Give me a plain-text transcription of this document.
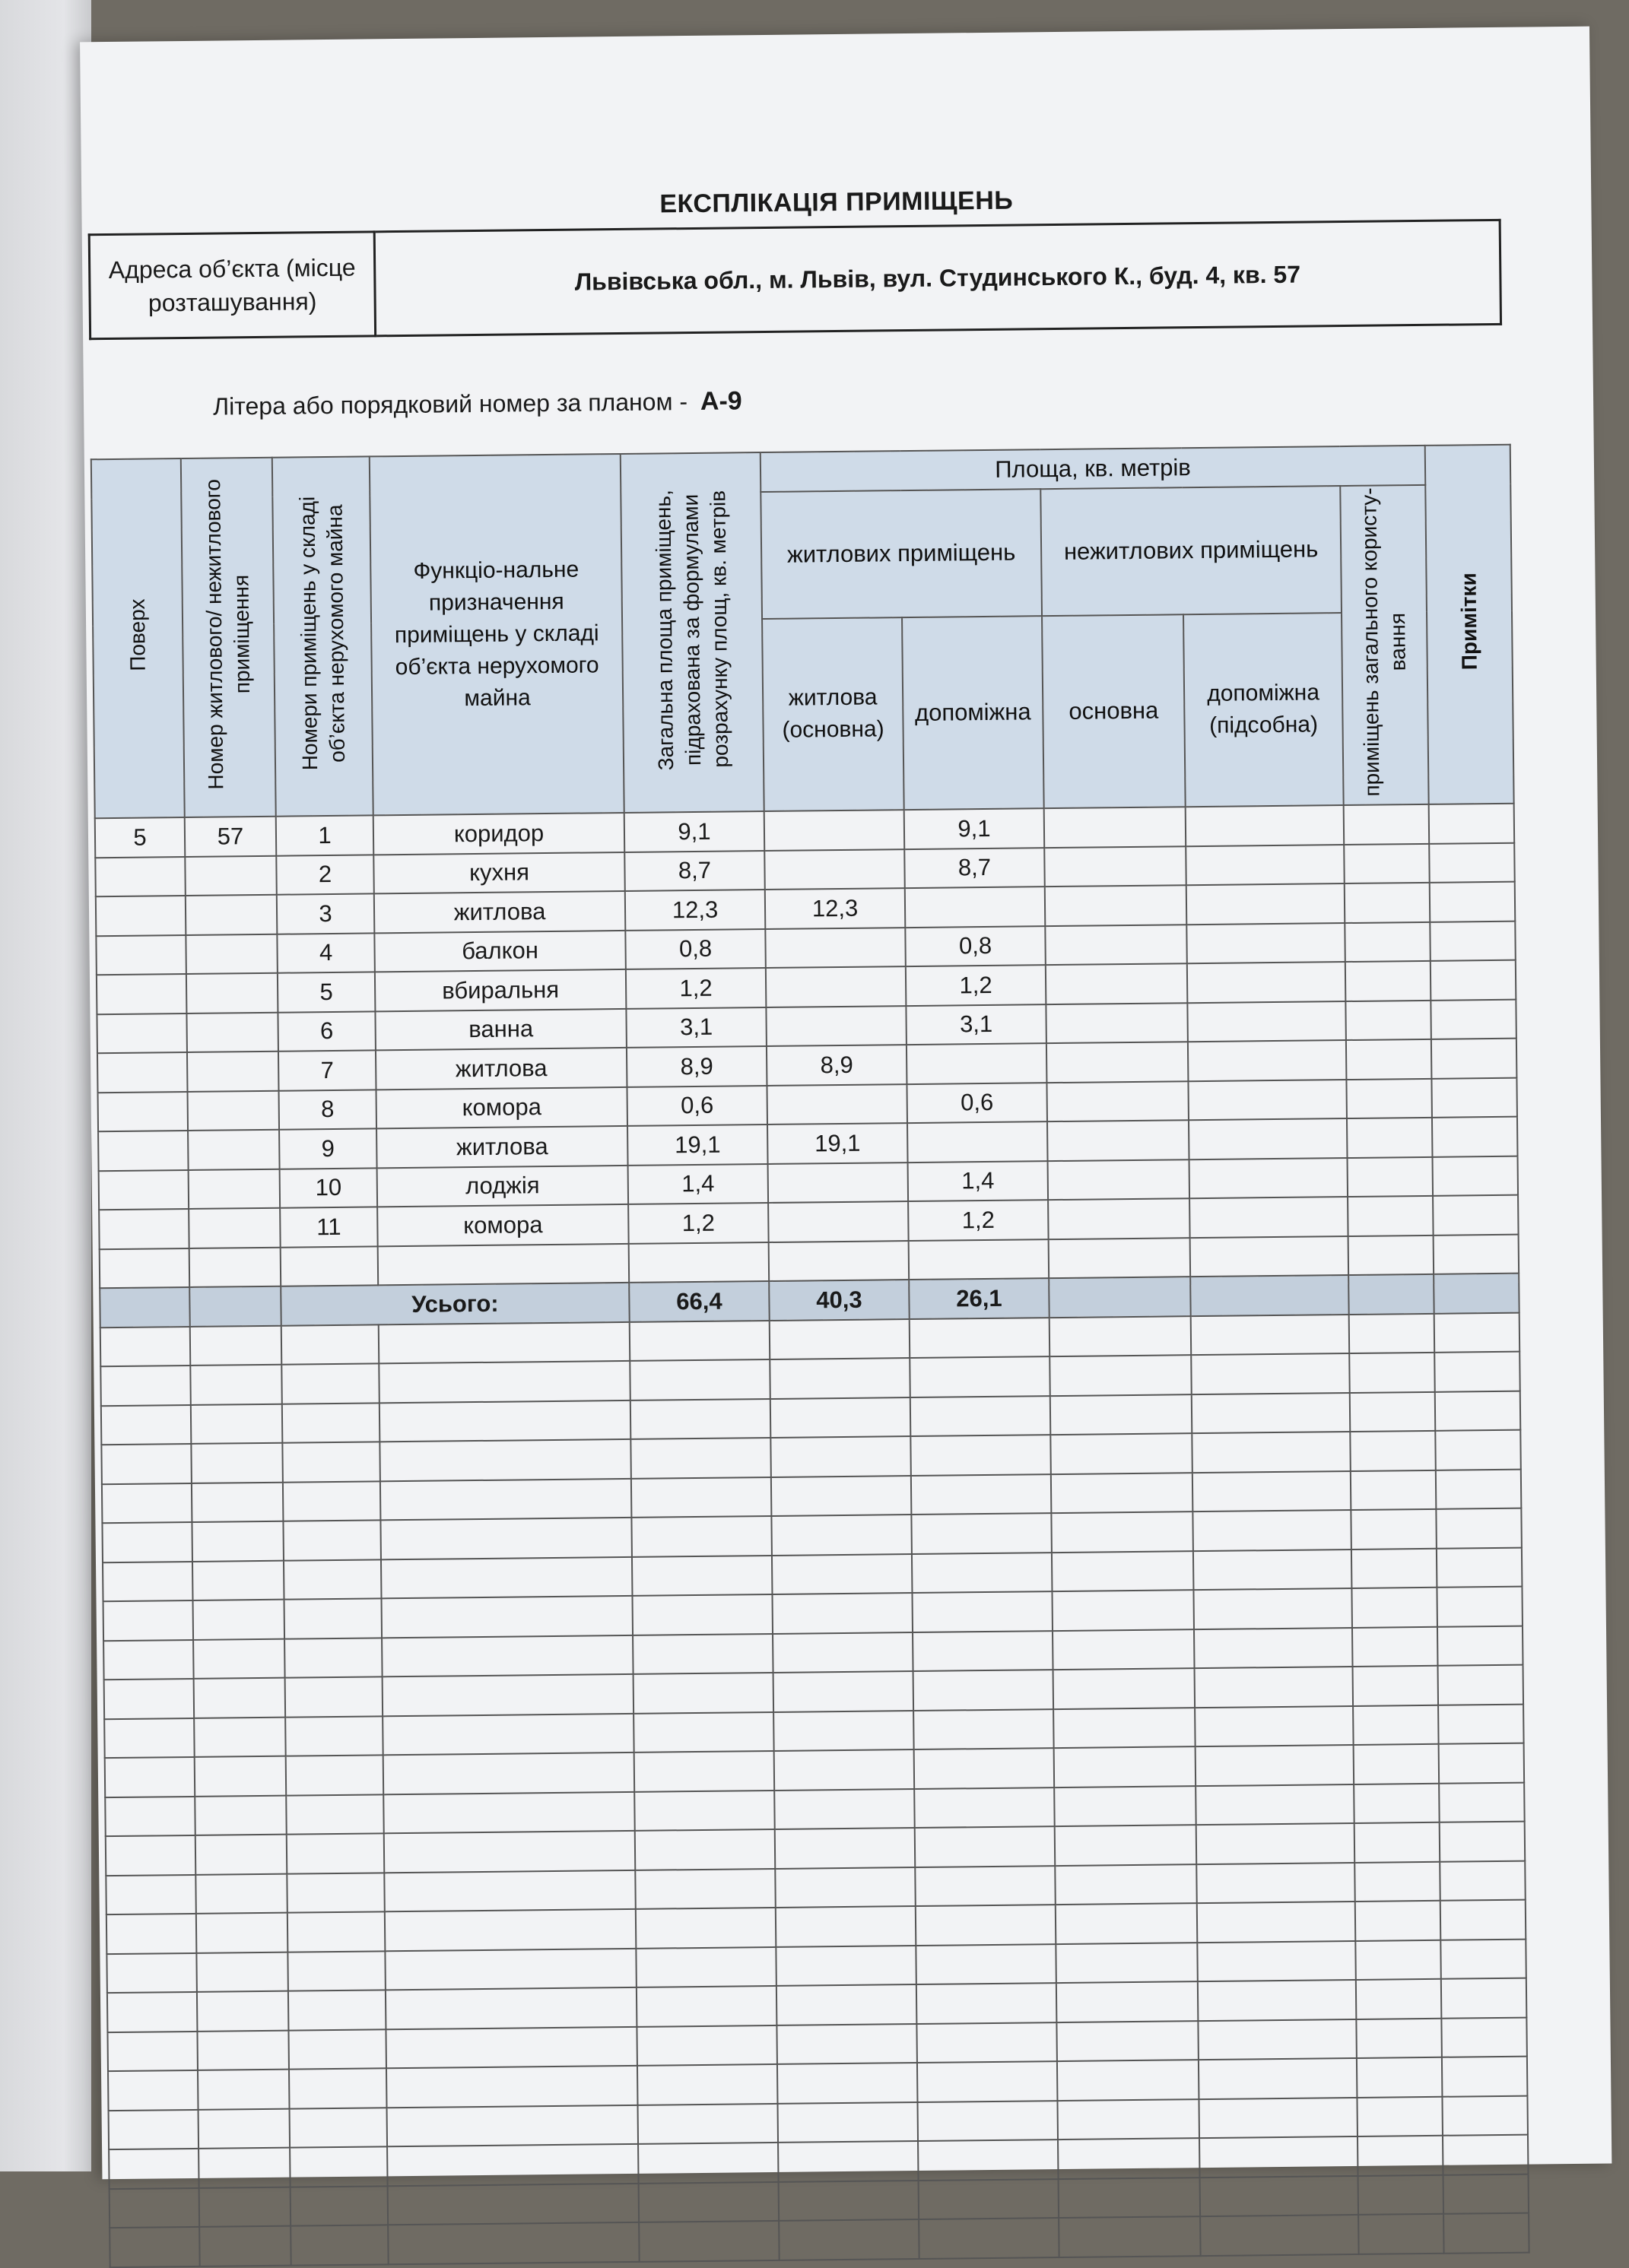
ЕКСПЛІКАЦІЯ ПРИМІЩЕНЬ
Адреса об’єкта (місце розташування)	Львівська обл., м. Львів, вул. Студинського К., буд. 4, кв. 57
Літера або порядковий номер за планом - А-9
Поверх	Номер житлового/ нежитлового приміщення	Номери приміщень у складі об’єкта нерухомого майна	Функціо-нальне призначення приміщень у складі об’єкта нерухомого майна	Загальна площа приміщень, підрахована за формулами розрахунку площ, кв. метрів	Площа, кв. метрів					Примітки
					житлових приміщень		нежитлових приміщень		приміщень загального користу-вання	
					житлова (основна)	допоміжна	основна	допоміжна (підсобна)		
5	57	1	коридор	9,1		9,1				
		2	кухня	8,7		8,7				
		3	житлова	12,3	12,3					
		4	балкон	0,8		0,8				
		5	вбиральня	1,2		1,2				
		6	ванна	3,1		3,1				
		7	житлова	8,9	8,9					
		8	комора	0,6		0,6				
		9	житлова	19,1	19,1					
		10	лоджія	1,4		1,4				
		11	комора	1,2		1,2				

		Усього:		66,4	40,3	26,1				
